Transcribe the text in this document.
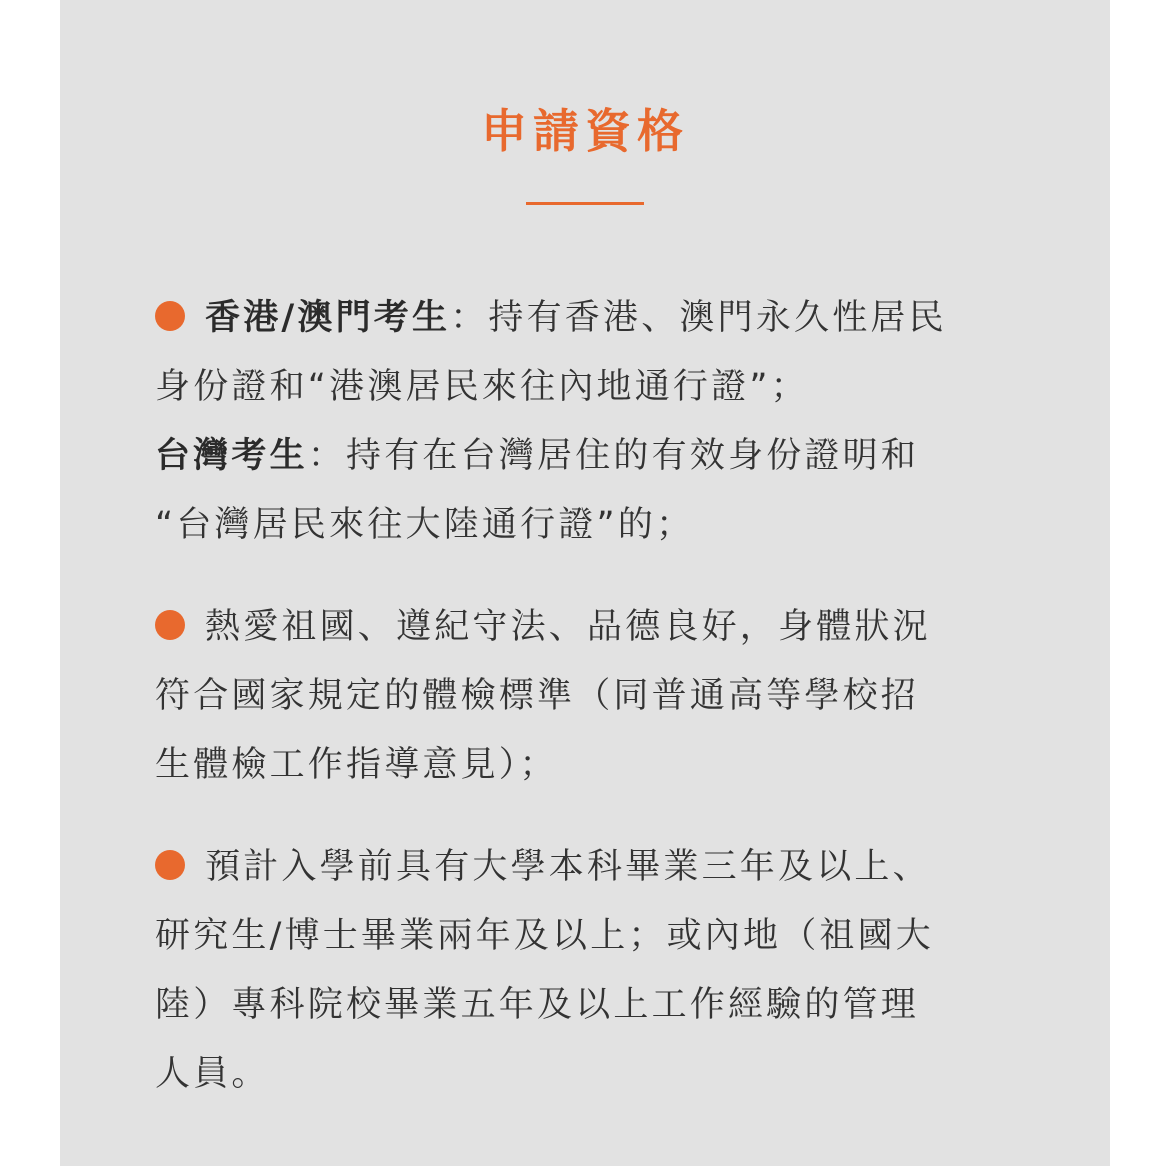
申請資格
香港/澳門考生：持有香港、澳門永久性居民
身份證和“港澳居民來往內地通行證”；
台灣考生：持有在台灣居住的有效身份證明和
“台灣居民來往大陸通行證”的；
熱愛祖國、遵紀守法、品德良好，身體狀況
符合國家規定的體檢標準（同普通高等學校招
生體檢工作指導意見）；
預計入學前具有大學本科畢業三年及以上、
研究生/博士畢業兩年及以上；或內地（祖國大
陸）專科院校畢業五年及以上工作經驗的管理
人員。
